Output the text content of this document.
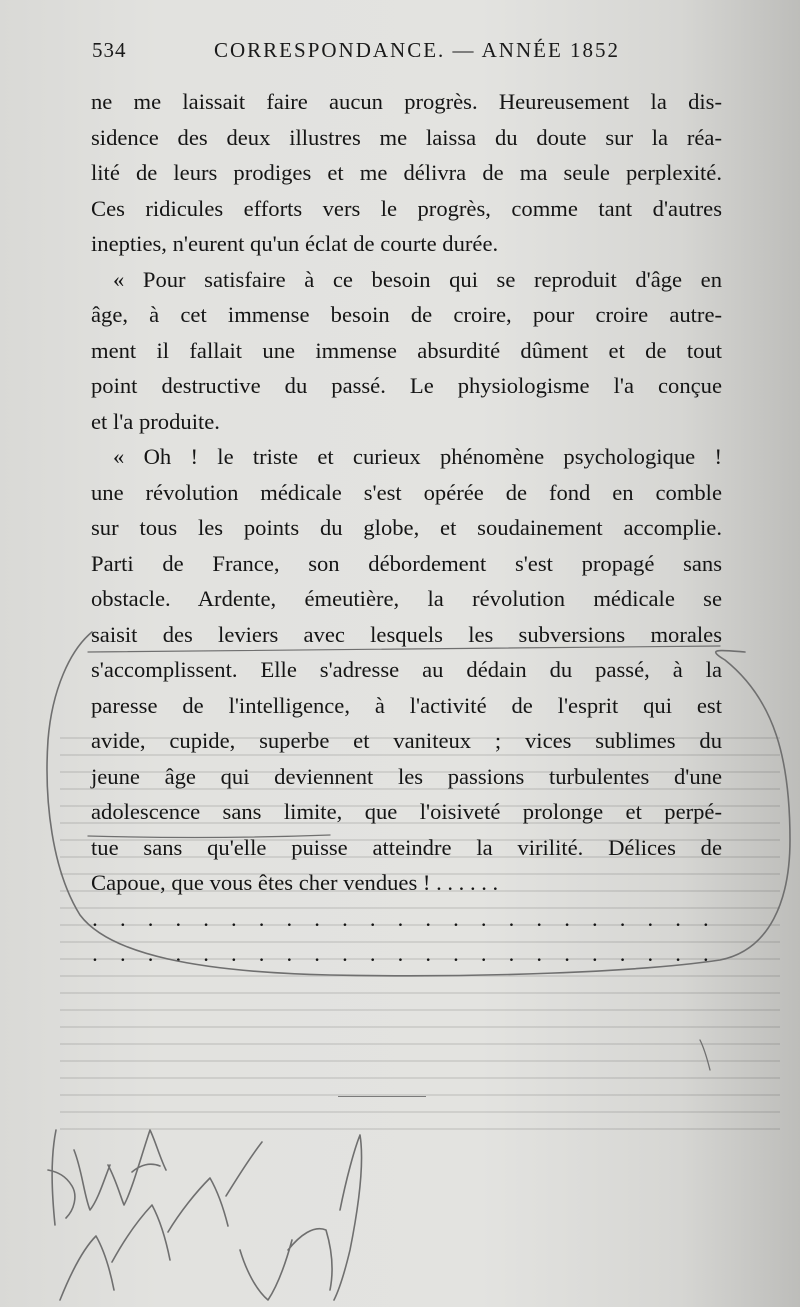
534	CORRESPONDANCE. — ANNÉE 1852
ne me laissait faire aucun progrès. Heureusement la dis-
sidence des deux illustres me laissa du doute sur la réa-
lité de leurs prodiges et me délivra de ma seule perplexité.
Ces ridicules efforts vers le progrès, comme tant d'autres
inepties, n'eurent qu'un éclat de courte durée.
« Pour satisfaire à ce besoin qui se reproduit d'âge en
âge, à cet immense besoin de croire, pour croire autre-
ment il fallait une immense absurdité dûment et de tout
point destructive du passé. Le physiologisme l'a conçue
et l'a produite.
« Oh ! le triste et curieux phénomène psychologique !
une révolution médicale s'est opérée de fond en comble
sur tous les points du globe, et soudainement accomplie.
Parti de France, son débordement s'est propagé sans
obstacle. Ardente, émeutière, la révolution médicale se
saisit des leviers avec lesquels les subversions morales
s'accomplissent. Elle s'adresse au dédain du passé, à la
paresse de l'intelligence, à l'activité de l'esprit qui est
avide, cupide, superbe et vaniteux ; vices sublimes du
jeune âge qui deviennent les passions turbulentes d'une
adolescence sans limite, que l'oisiveté prolonge et perpé-
tue sans qu'elle puisse atteindre la virilité. Délices de
Capoue, que vous êtes cher vendues ! . . . . . .
. . . . . . . . . . . . . . . . . . . . . . .
. . . . . . . . . . . . . . . . . . . . . . .
